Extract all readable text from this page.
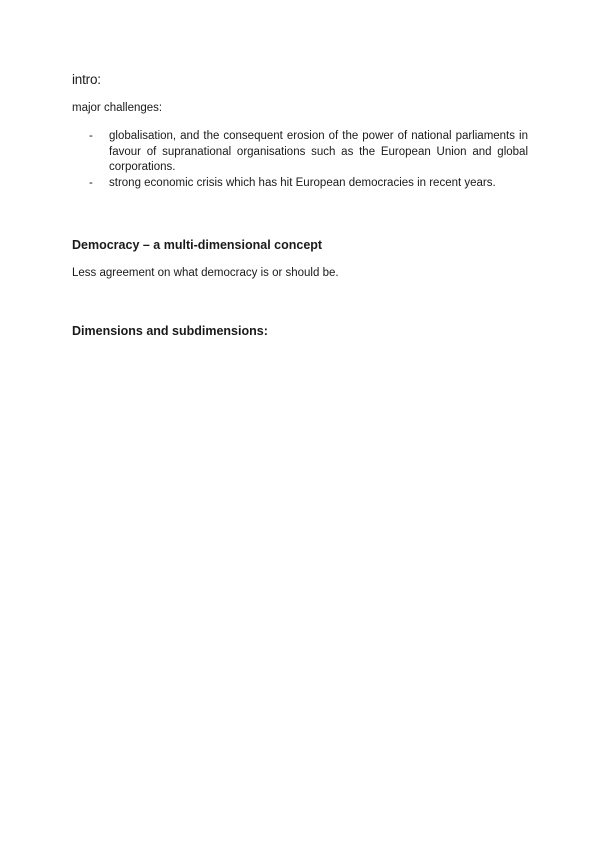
intro:
major challenges:
- globalisation, and the consequent erosion of the power of national parliaments in favour of supranational organisations such as the European Union and global corporations.
- strong economic crisis which has hit European democracies in recent years.
Democracy – a multi-dimensional concept
Less agreement on what democracy is or should be.
Dimensions and subdimensions:
